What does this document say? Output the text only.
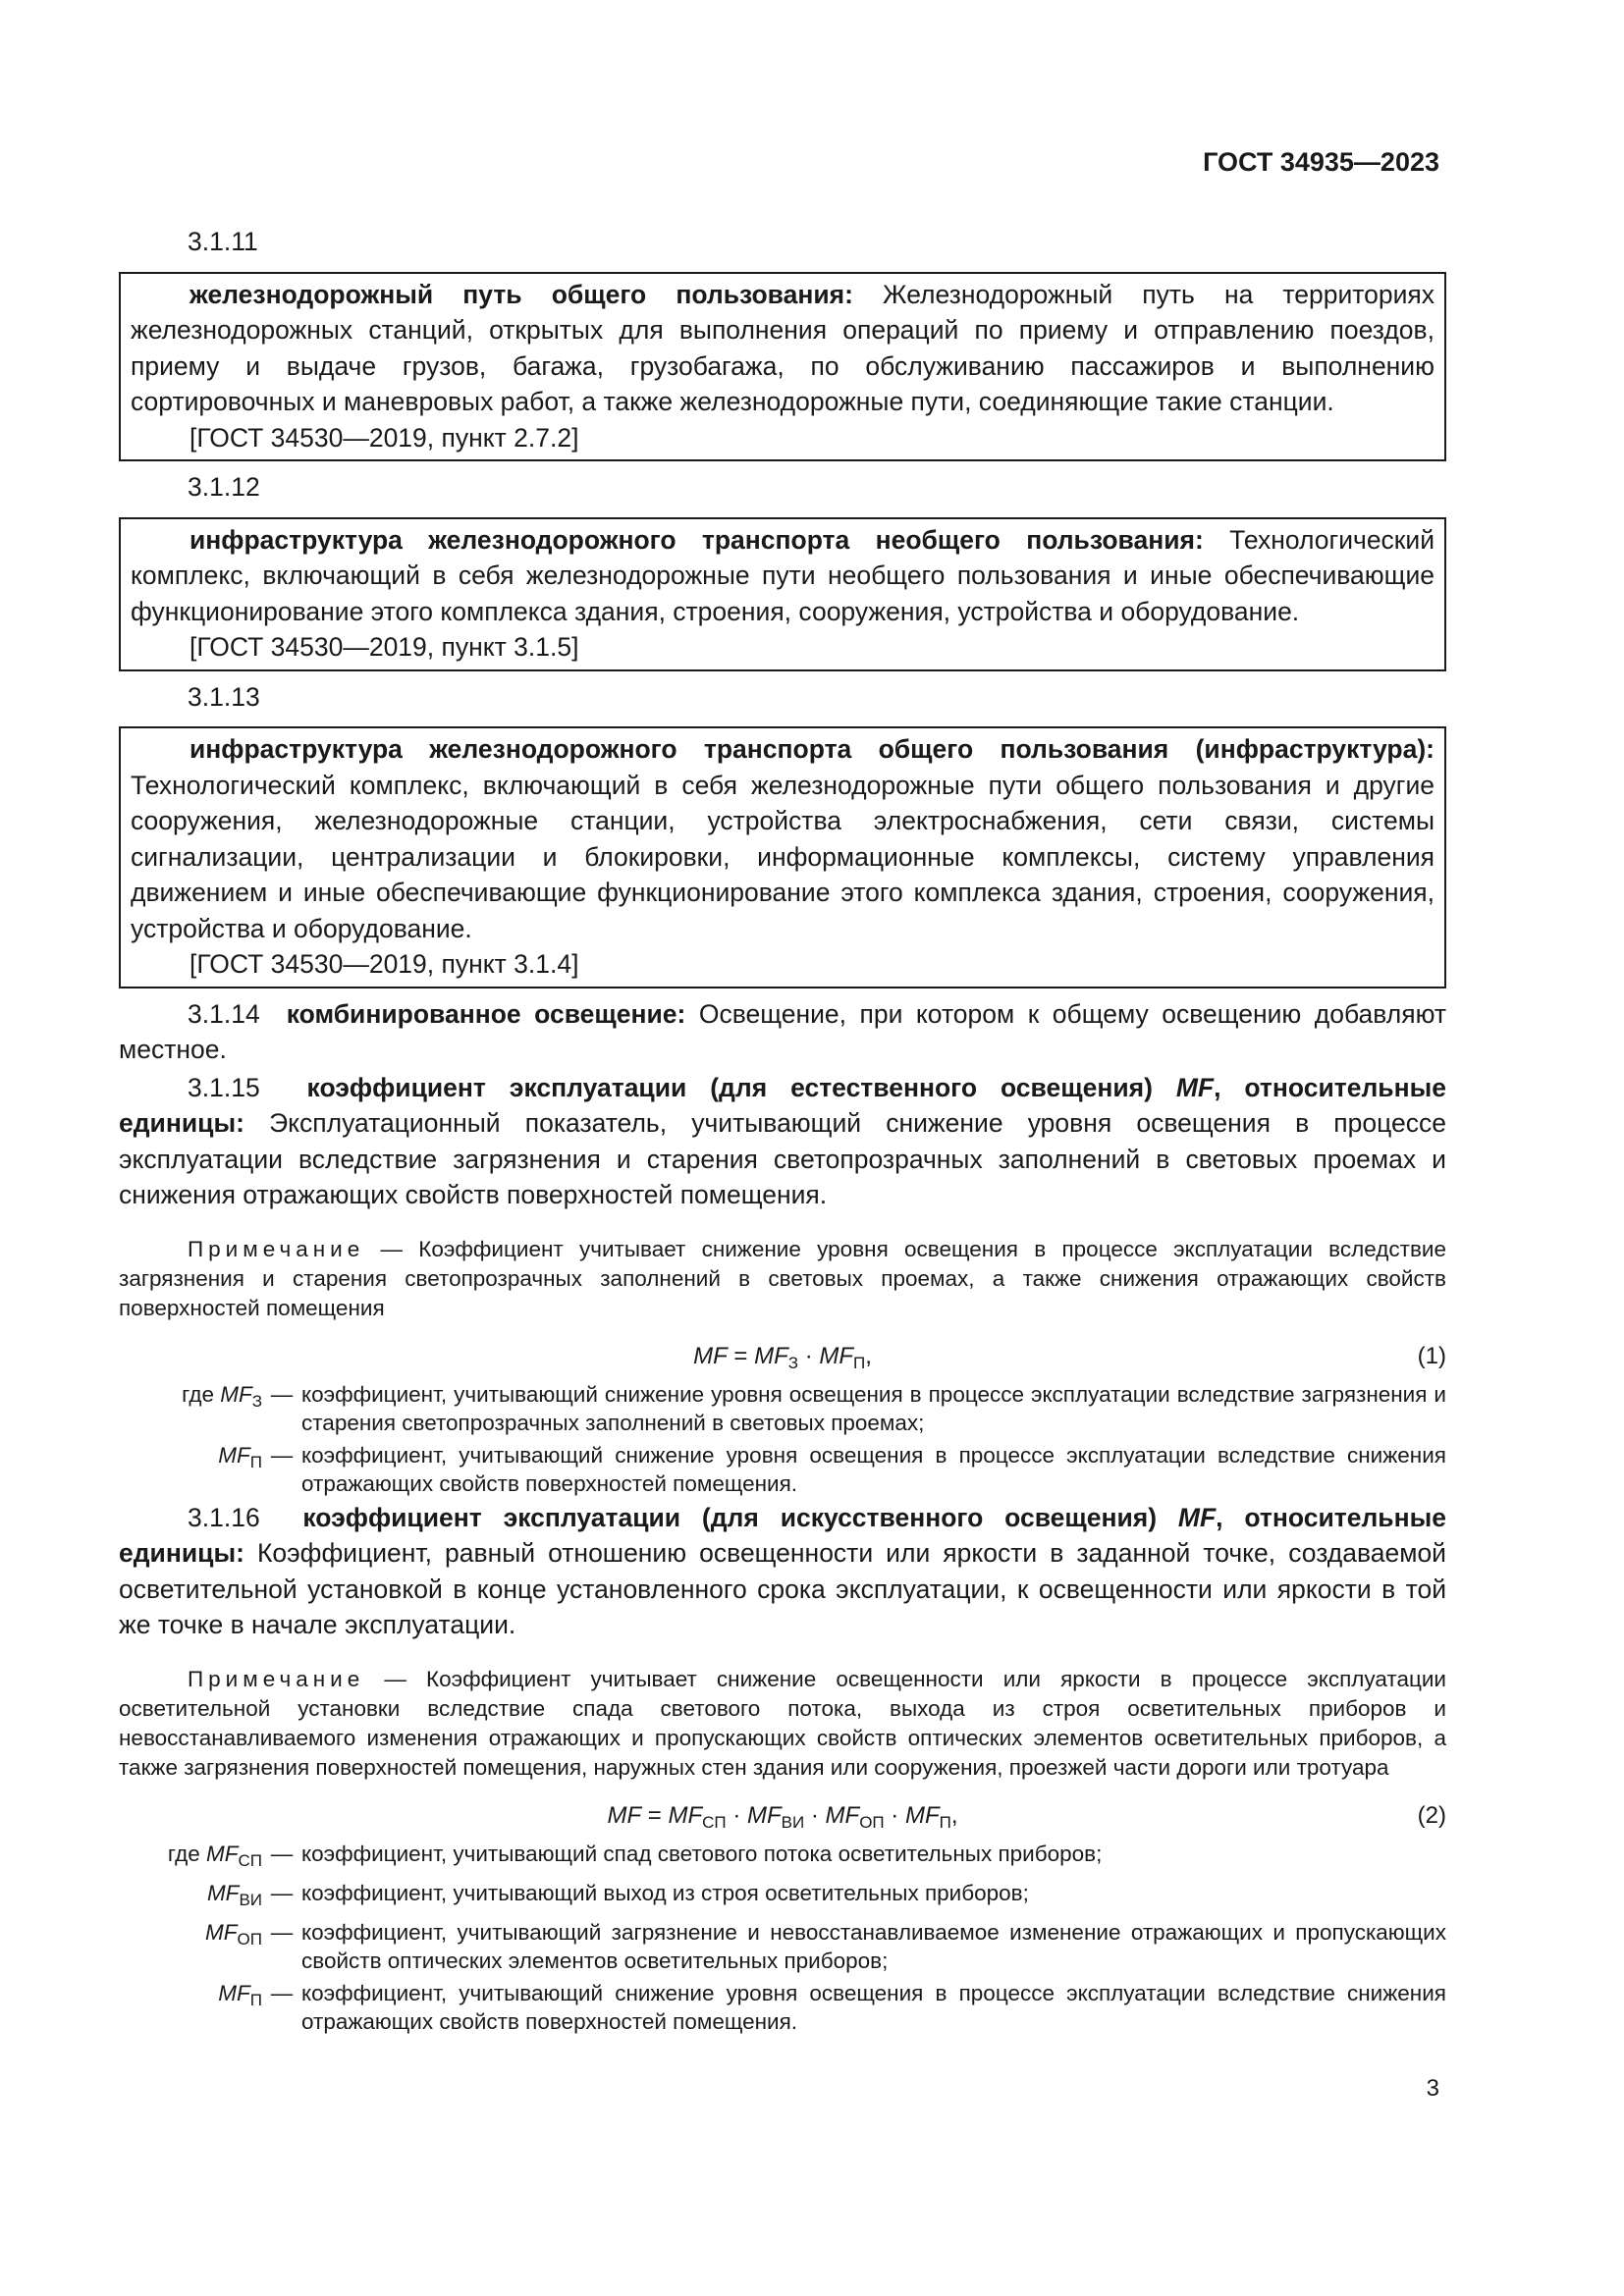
ГОСТ 34935—2023

3.1.11

железнодорожный путь общего пользования: Железнодорожный путь на территориях железнодорожных станций, открытых для выполнения операций по приему и отправлению поездов, приему и выдаче грузов, багажа, грузобагажа, по обслуживанию пассажиров и выполнению сортировочных и маневровых работ, а также железнодорожные пути, соединяющие такие станции.

[ГОСТ 34530—2019, пункт 2.7.2]

3.1.12

инфраструктура железнодорожного транспорта необщего пользования: Технологический комплекс, включающий в себя железнодорожные пути необщего пользования и иные обеспечивающие функционирование этого комплекса здания, строения, сооружения, устройства и оборудование.

[ГОСТ 34530—2019, пункт 3.1.5]

3.1.13

инфраструктура железнодорожного транспорта общего пользования (инфраструктура): Технологический комплекс, включающий в себя железнодорожные пути общего пользования и другие сооружения, железнодорожные станции, устройства электроснабжения, сети связи, системы сигнализации, централизации и блокировки, информационные комплексы, систему управления движением и иные обеспечивающие функционирование этого комплекса здания, строения, сооружения, устройства и оборудование.

[ГОСТ 34530—2019, пункт 3.1.4]

3.1.14 комбинированное освещение: Освещение, при котором к общему освещению добавляют местное.

3.1.15 коэффициент эксплуатации (для естественного освещения) MF, относительные единицы: Эксплуатационный показатель, учитывающий снижение уровня освещения в процессе эксплуатации вследствие загрязнения и старения светопрозрачных заполнений в световых проемах и снижения отражающих свойств поверхностей помещения.

Примечание — Коэффициент учитывает снижение уровня освещения в процессе эксплуатации вследствие загрязнения и старения светопрозрачных заполнений в световых проемах, а также снижения отражающих свойств поверхностей помещения

MF = $MF_З \cdot MF_П$,	(1)
где $MF_З$ — коэффициент, учитывающий снижение уровня освещения в процессе эксплуатации вследствие загрязнения и старения светопрозрачных заполнений в световых проемах;
$MF_П$ — коэффициент, учитывающий снижение уровня освещения в процессе эксплуатации вследствие снижения отражающих свойств поверхностей помещения.

3.1.16 коэффициент эксплуатации (для искусственного освещения) MF, относительные единицы: Коэффициент, равный отношению освещенности или яркости в заданной точке, создаваемой осветительной установкой в конце установленного срока эксплуатации, к освещенности или яркости в той же точке в начале эксплуатации.

Примечание — Коэффициент учитывает снижение освещенности или яркости в процессе эксплуатации осветительной установки вследствие спада светового потока, выхода из строя осветительных приборов и невосстанавливаемого изменения отражающих и пропускающих свойств оптических элементов осветительных приборов, а также загрязнения поверхностей помещения, наружных стен здания или сооружения, проезжей части дороги или тротуара

MF = $MF_{СП} \cdot MF_{ВИ} \cdot MF_{ОП} \cdot MF_П$,	(2)
где $MF_{СП}$ — коэффициент, учитывающий спад светового потока осветительных приборов;
$MF_{ВИ}$ — коэффициент, учитывающий выход из строя осветительных приборов;
$MF_{ОП}$ — коэффициент, учитывающий загрязнение и невосстанавливаемое изменение отражающих и пропускающих свойств оптических элементов осветительных приборов;
$MF_П$ — коэффициент, учитывающий снижение уровня освещения в процессе эксплуатации вследствие снижения отражающих свойств поверхностей помещения.
3
